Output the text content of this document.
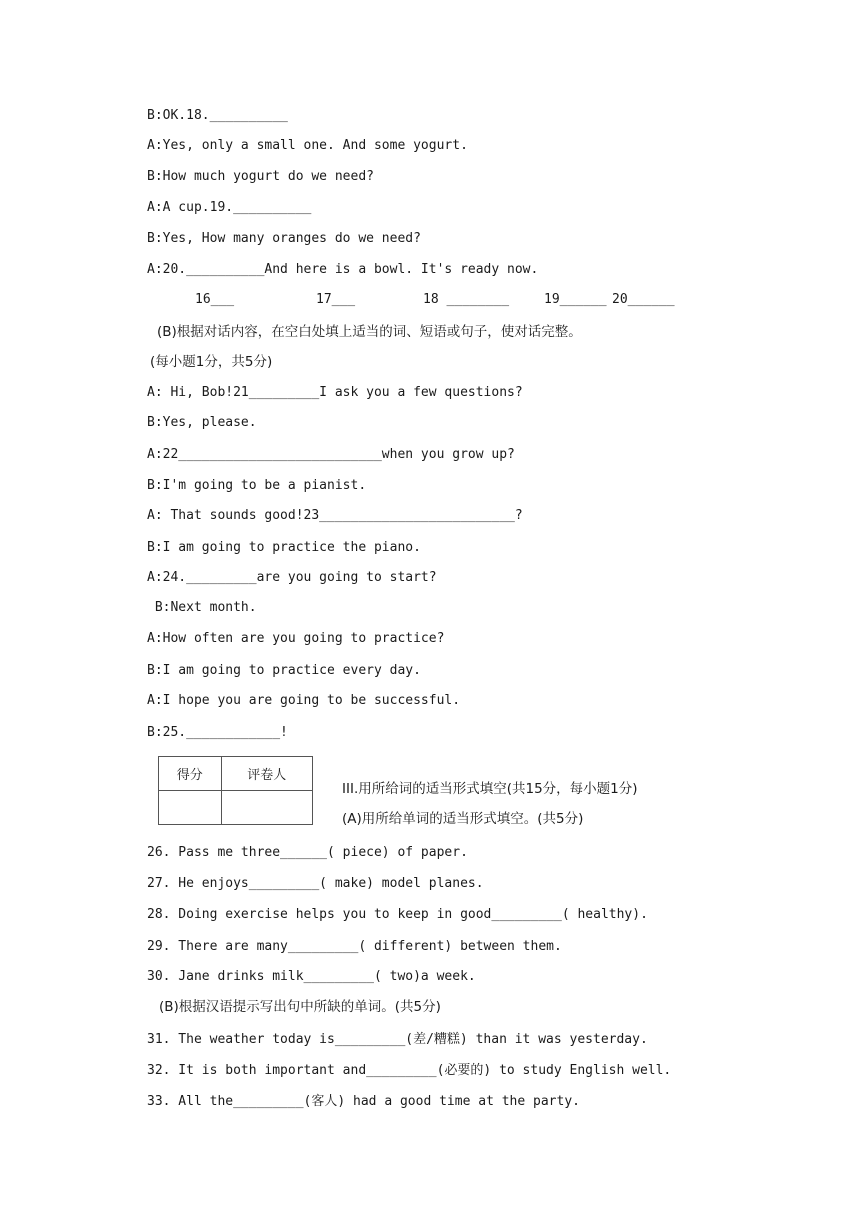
B:OK.18.__________
A:Yes, only a small one. And some yogurt.
B:How much yogurt do we need?
A:A cup.19.__________
B:Yes, How many oranges do we need?
A:20.__________And here is a bowl. It's ready now.
16___	17___	18 ________	19______ 20______
(B)根据对话内容，在空白处填上适当的词、短语或句子，使对话完整。
(每小题1分，共5分)
A: Hi, Bob!21_________I ask you a few questions?
B:Yes, please.
A:22__________________________when you grow up?
B:I'm going to be a pianist.
A: That sounds good!23_________________________?
B:I am going to practice the piano.
A:24._________are you going to start?
B:Next month.
A:How often are you going to practice?
B:I am going to practice every day.
A:I hope you are going to be successful.
B:25.____________!
得分	评卷人

III.用所给词的适当形式填空(共15分，每小题1分)
(A)用所给单词的适当形式填空。(共5分)
26. Pass me three______( piece) of paper.
27. He enjoys_________( make) model planes.
28. Doing exercise helps you to keep in good_________( healthy).
29. There are many_________( different) between them.
30. Jane drinks milk_________( two)a week.
(B)根据汉语提示写出句中所缺的单词。(共5分)
31. The weather today is_________(差/糟糕) than it was yesterday.
32. It is both important and_________(必要的) to study English well.
33. All the_________(客人) had a good time at the party.
